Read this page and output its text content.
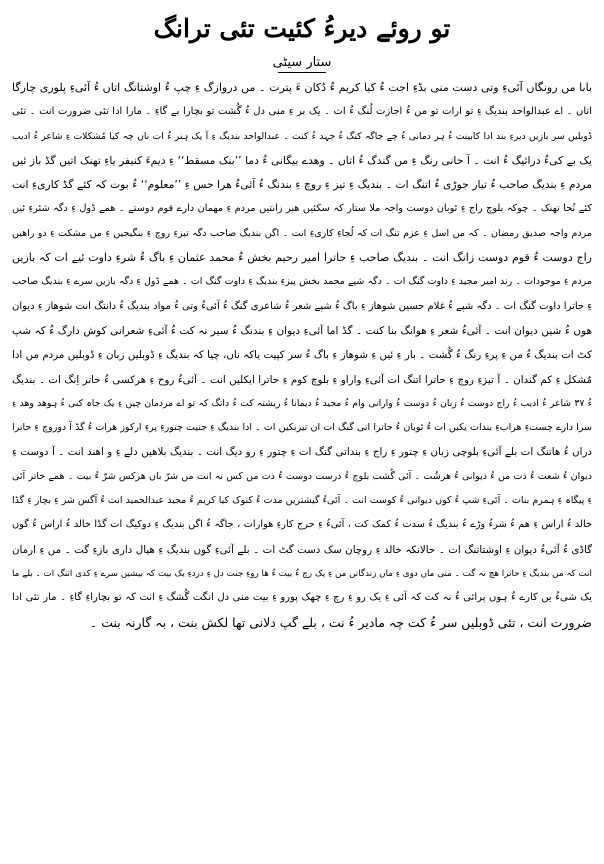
تو روئے دیرءُ کئیت تئی ترانگ
ستار سیٹی
بابا مں رونگاں آئیءِ وتی دست منی بڈءِ اجت ءُ کیا کریم ءُ دُکان ءَ پترت ۔ مں دروازگ ءِ چپ ءُ اوشتاتگ اتاں ءُ آئیءِ پلوری چارگا
اتاں ۔ اے عبدالواحد بندیگ ءِ تو ارات تو مں ءُ اجازت لُنگ ءُ ات ۔ یک بر ءِ منی دل ءُ گُشت تو بچارا بے گاءِ ۔ مارا ادا تئی ضرورت انت ۔ تئی
ڈوبلیں سر بازیں دیرءِ بند ادا کابینت ءُ ہر دمانی ءُ چے جاگہ کنگ ءُ جہد ءُ کنت ۔ عبدالواحد بندیگ ءِ آ یک ہنر ءُ ات ناں چہ کیا مُشکلات ءِ شاعر ءُ ادیب
یک بے کیءُ درائیگ ءُ انت ۔ آ حانی رنگ ءِ مں گندگ ءُ اتاں ۔ وهدے بیگانی ءُ دما ’’بنک مسقط‘‘ ءِ دیمءَ کنیفر یاءِ تھنک اتیں گڈ باز ئیں
مردم ءِ بندیگ صاحب ءُ تیار جوڑی ءُ اتنگ ات ۔ بندیگ ءِ تیز ءِ روچ ءِ بندنگ ءُ آئیءُ ھرا حس ءِ ’’معلوم‘‘ ءُ بوت کہ کئے گڈ کاریءِ انت
کئے تُجا تھنک ۔ چوکہ بلوچ راج ءِ ئوبان دوست واجہ ملا ستار کہ سکئیں ھبر زانتیں مردم ءِ مھمان دارے قوم دوستے ۔ ھمے ڈول ءِ دگہ شئرءِ ئیں
مردم واجہ صدیق رمضان ۔ کہ مں اسل ءِ عزم تنگ ات کہ لُجاءِ کاریءِ انت ۔ اگں بندیگ صاحب دگہ تیزءِ روچ ءِ بنگیجیں ءِ مں مشکت ءِ دو راهیں
راج دوست ءُ قوم دوست زانگ انت ۔ بندیگ صاحب ءِ حاترا امیر رحیم بخش ءُ محمد عثمان ءِ باگ ءُ شرءِ داوت ئیے ات کہ بازیں
مردم ءِ موجودات ۔ رند امیر مجید ءِ داوت گنگ ات ۔ دگہ شپے محمد بخش پیزءِ بندیگ ءِ داوت گنگ ات ۔ ھمے ڈول ءِ دگہ بازیں سرے ءِ بندیگ صاحب
ءِ حاترا داوت گنگ ات ۔ دگہ شپے ءُ غلام حسین شوھاز ءِ باگ ءُ شپے شعر ءُ شاعری گنگ ءُ آئیءُ وتی ءُ مواد بندیگ ءُ دانتگ انت شوھاز ءِ دیوان
ھوں ءُ شیں دیوان انت ۔ آئیءُ شعر ءِ ھوانگ بنا کنت ۔ گڈ اما آئیءِ دیوان ءِ بندنگ ءُ سیر نہ کت ءُ آئیءِ شعرانی کوش دارگ ءُ کہ شپ
کٹ ات بندیگ ءُ مں ءِ پرءِ رنگ ءُ گُشت ۔ بار ءِ ئیں ءِ شوھاز ءِ باگ ءُ سر کپیت یاکہ ناں، چیا کہ بندیگ ءِ ڈوبلیں زبان ءِ ڈوبلیں مردم مں ادا
مُشکل ءِ کم گندان ۔ آ تیزءِ روچ ءِ حاترا اتنگ ات آئیءِ واراو ءِ بلوچ کوم ءِ حاترا ایکلیں انت ۔ آئیءُ روح ءِ ھرکسی ءُ خاتر اِنگ ات ۔ بندیگ
ءُ ۳۷ شاعر ءُ ادیب ءُ راج دوست ءُ زبان ءُ دوست ءُ وارانی وام ءُ مجید ءُ دیمانا ءُ ریشتہ کت ءُ داتگ کہ تو اے مردمان چیں ءِ یک جاہ کنی ءُ ہوھد وھد ءِ
سرا دارے چستءِ ھرابءِ بندات یکیں ات ءُ ئوبان ءُ حاترا اتی گنگ ات ان تیزبکیں ات ۔ ادا بندیگ ءِ جنیت چتورءِ پرءِ ارکوز ھرات ءُ گڈ آ دوروچ ءِ حاترا
دراں ءُ ھاتنگ ات بلے آئیءِ بلوچی زبان ءِ چتور ءِ راج ءِ بنداتی گنگ ات ءِ چتور ءِ رو دیگ انت ۔ بندیگ بلاھیں دلے ءِ و اھند انت ۔ آ دوست ءِ
دیوان ءُ شعت ءُ ذت مں ءُ دیوانی ءُ ھرشُت ۔ آئی گُشت بلوچ ءُ درست دوست ءُ ذت مں کس نہ انت مں شرّ باں ھرکس شرّ ءُ بیت ۔ ھمے خاتر آئی
ءِ پیگاہ ءِ ہمرم بنات ۔ آئیءِ شپ ءُ کوں دیوانی ءُ کوست انت ۔ آئیءُ گیشتریں مدت ءُ کنوک کیا کریم ءُ مجید عبدالحمید انت ءُ آگس شر ءِ بچار ءِ گڈا
خالد ءُ اراس ءِ ھم ءُ شرءُ وڑے ءُ بندیگ ءُ سدت ءُ کمک کت ، آئیءُ ءِ حرج کارءِ ھوارات ، جاگہ ءُ اگں بندیگ ءِ دوکیگ ات گڈا خالد ءُ اراس ءُ گوں
گاڈی ءُ آئیءُ دیوان ءِ اوشتاتنگ ات ۔ حالانکہ خالد ءِ روچان سک دست گٹ ات ۔ بلے آئیءِ گوں بندیگ ءِ ھیال داری بازءِ گت ۔ مں ءِ ارمان
انت کہ مں بندیگ ءِ حاترا ھچ نہ گت ۔ منی ماں دوی ءِ ماں زندگانں مں ءِ یک رچ ءُ بیت ءُ ھا روءِ جنت دل ءِ دردءِ یک بیت کہ بیشیں سرے ءِ کدی اتنگ ات ۔ بلے ما
یک شیءُ یں کارے ءُ ہوں پرائی ءُ نہ کت کہ آئی ءِ یک رو ءِ رچ ءِ چھک پورو ءِ بیت منی دل انگت گُشگ ءِ انت کہ تو بچاراءِ گاءِ ۔ مار تئی ادا
ضرورت انت ، تئی ڈوبلیں سر ءُ کت چہ مادیر ءُ نت ، بلے گپ دلانی تھا لکش بنت ، بہ گارنہ بنت ۔
